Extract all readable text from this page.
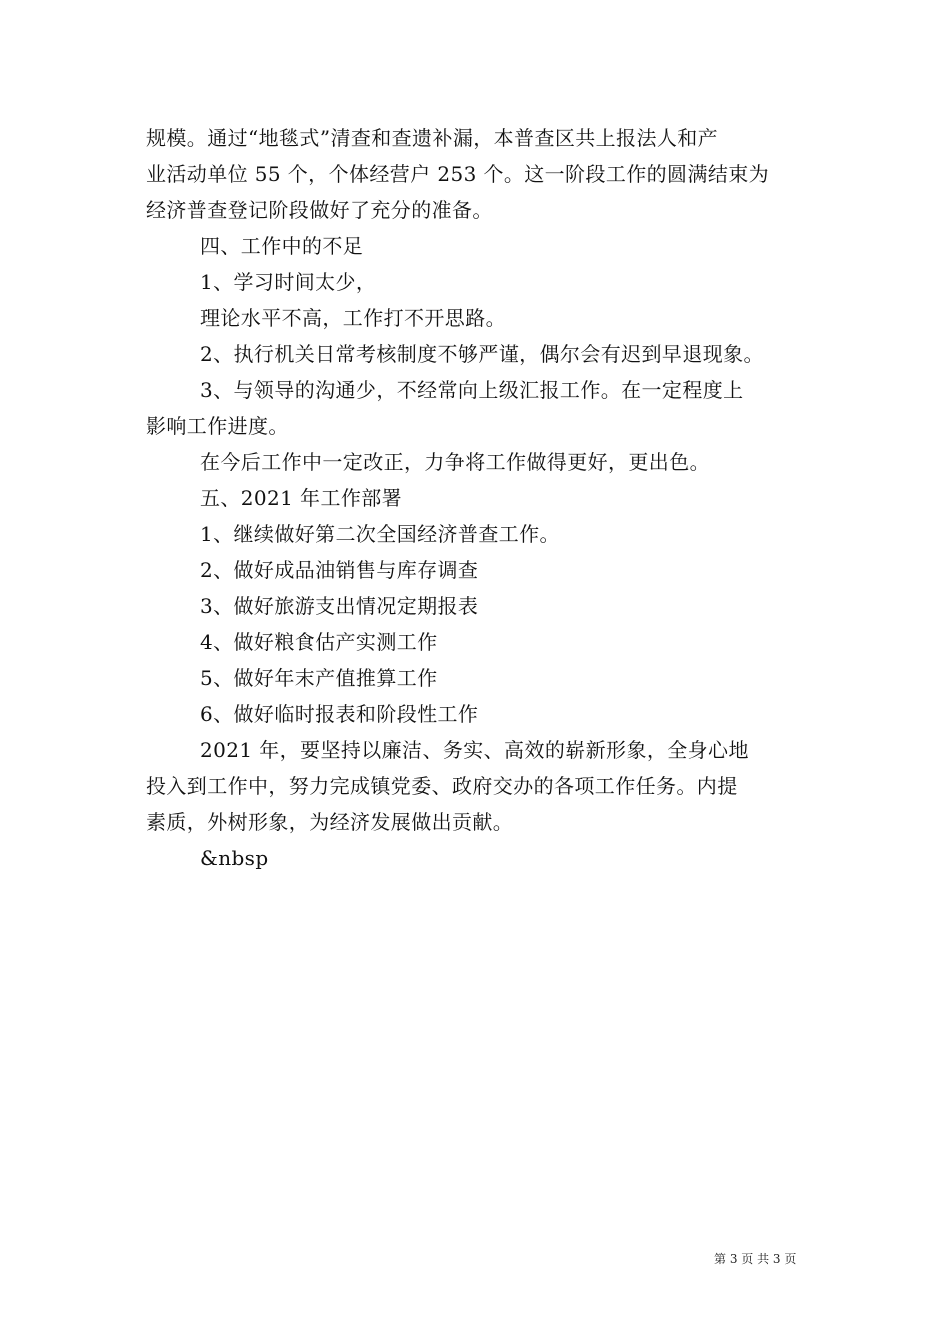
规模。通过“地毯式”清查和查遗补漏，本普查区共上报法人和产
业活动单位 55 个，个体经营户 253 个。这一阶段工作的圆满结束为
经济普查登记阶段做好了充分的准备。
四、工作中的不足
1、学习时间太少，
理论水平不高，工作打不开思路。
2、执行机关日常考核制度不够严谨，偶尔会有迟到早退现象。
3、与领导的沟通少，不经常向上级汇报工作。在一定程度上
影响工作进度。
在今后工作中一定改正，力争将工作做得更好，更出色。
五、2021 年工作部署
1、继续做好第二次全国经济普查工作。
2、做好成品油销售与库存调查
3、做好旅游支出情况定期报表
4、做好粮食估产实测工作
5、做好年末产值推算工作
6、做好临时报表和阶段性工作
2021 年，要坚持以廉洁、务实、高效的崭新形象，全身心地
投入到工作中，努力完成镇党委、政府交办的各项工作任务。内提
素质，外树形象，为经济发展做出贡献。
&nbsp
第 3 页 共 3 页
